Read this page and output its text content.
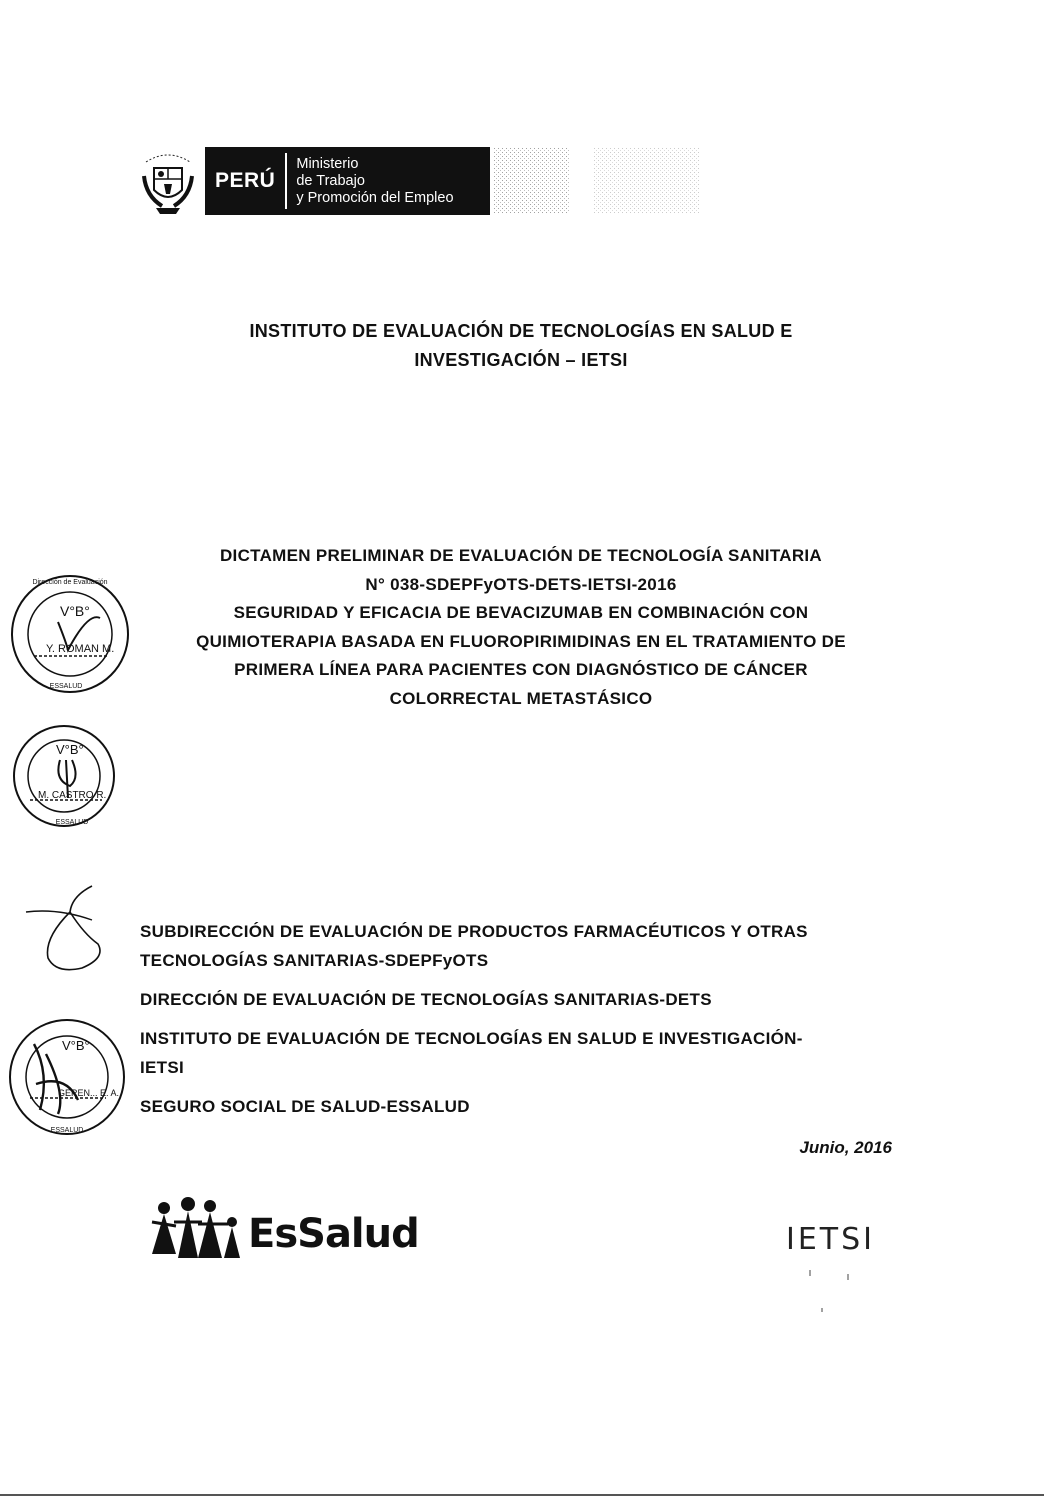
PERÚ
Ministerio
de Trabajo
y Promoción del Empleo
INSTITUTO DE EVALUACIÓN DE TECNOLOGÍAS EN SALUD E
INVESTIGACIÓN – IETSI
DICTAMEN PRELIMINAR DE EVALUACIÓN DE TECNOLOGÍA SANITARIA
N° 038-SDEPFyOTS-DETS-IETSI-2016
SEGURIDAD Y EFICACIA DE BEVACIZUMAB EN COMBINACIÓN CON
QUIMIOTERAPIA BASADA EN FLUOROPIRIMIDINAS EN EL TRATAMIENTO DE
PRIMERA LÍNEA PARA PACIENTES CON DIAGNÓSTICO DE CÁNCER
COLORRECTAL METASTÁSICO
Dirección de Evaluación
V°B°
Y. ROMAN M.
ESSALUD
V°B°
M. CASTRO R.
ESSALUD
V°B°
GEREN... E. A.
ESSALUD
SUBDIRECCIÓN DE EVALUACIÓN DE PRODUCTOS FARMACÉUTICOS Y OTRAS
TECNOLOGÍAS SANITARIAS-SDEPFyOTS
DIRECCIÓN DE EVALUACIÓN DE TECNOLOGÍAS SANITARIAS-DETS
INSTITUTO DE EVALUACIÓN DE TECNOLOGÍAS EN SALUD E INVESTIGACIÓN-
IETSI
SEGURO SOCIAL DE SALUD-ESSALUD
Junio, 2016
EsSalud	IETSI
